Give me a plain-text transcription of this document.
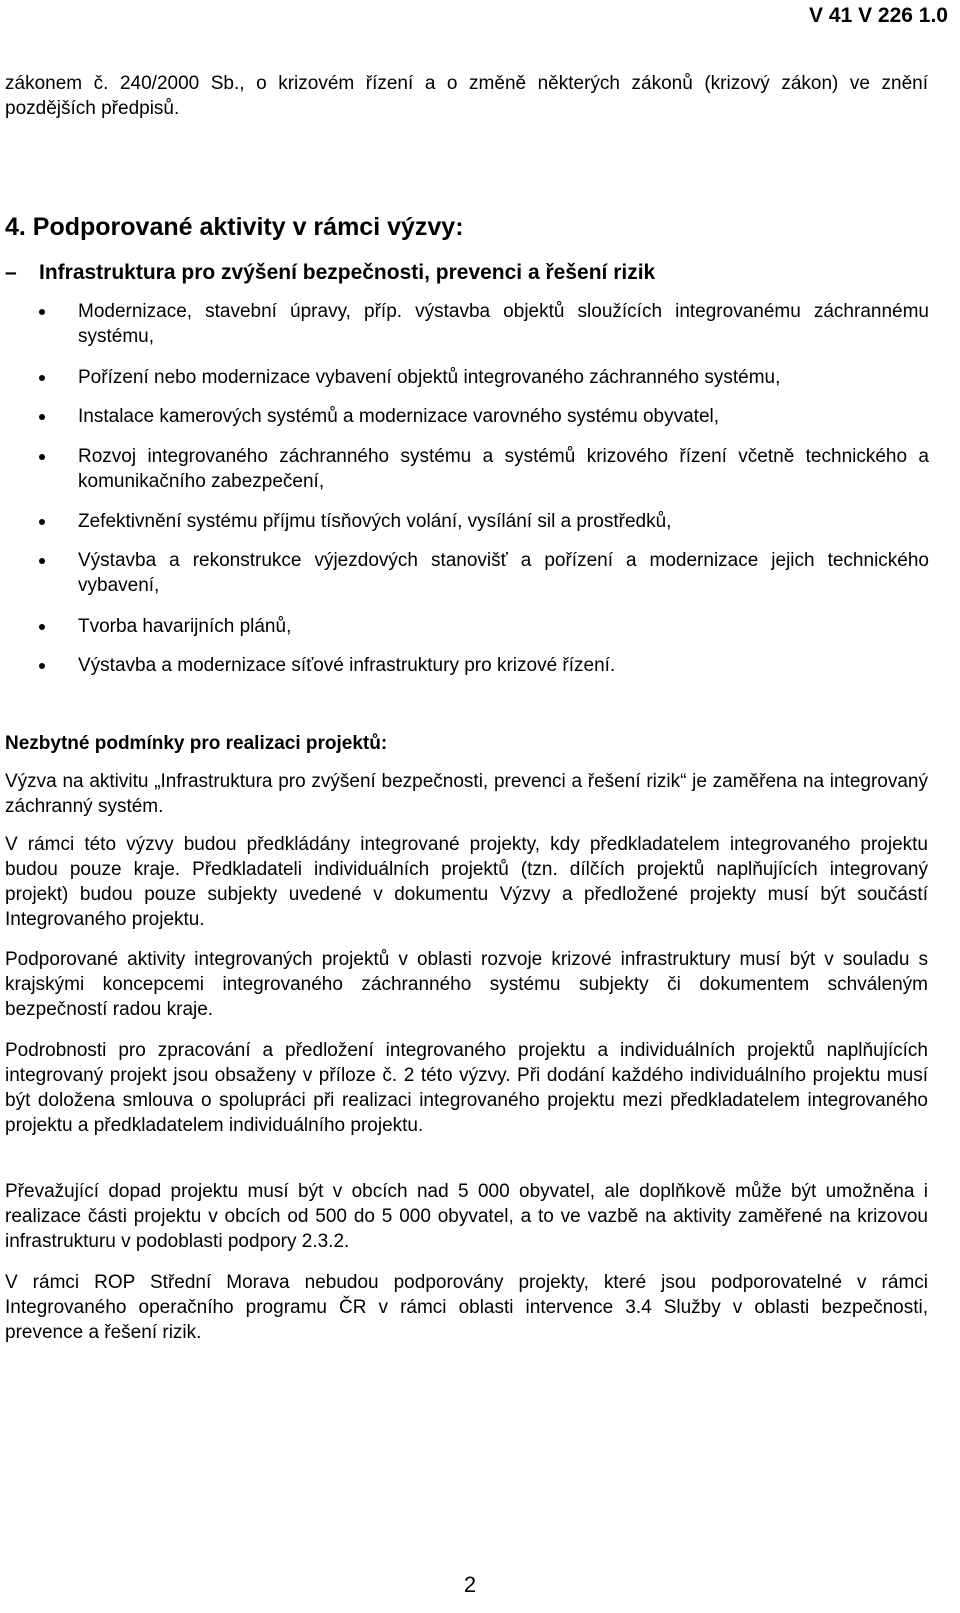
V 41 V 226 1.0

zákonem č. 240/2000 Sb., o krizovém řízení a o změně některých zákonů (krizový zákon) ve znění pozdějších předpisů.

4. Podporované aktivity v rámci výzvy:
– Infrastruktura pro zvýšení bezpečnosti, prevenci a řešení rizik
Modernizace, stavební úpravy, příp. výstavba objektů sloužících integrovanému záchrannému systému,
Pořízení nebo modernizace vybavení objektů integrovaného záchranného systému,
Instalace kamerových systémů a modernizace varovného systému obyvatel,
Rozvoj integrovaného záchranného systému a systémů krizového řízení včetně technického a komunikačního zabezpečení,
Zefektivnění systému příjmu tísňových volání, vysílání sil a prostředků,
Výstavba a rekonstrukce výjezdových stanovišť a pořízení a modernizace jejich technického vybavení,
Tvorba havarijních plánů,
Výstavba a modernizace síťové infrastruktury pro krizové řízení.
Nezbytné podmínky pro realizaci projektů:

Výzva na aktivitu „Infrastruktura pro zvýšení bezpečnosti, prevenci a řešení rizik“ je zaměřena na integrovaný záchranný systém.

V rámci této výzvy budou předkládány integrované projekty, kdy předkladatelem integrovaného projektu budou pouze kraje. Předkladateli individuálních projektů (tzn. dílčích projektů naplňujících integrovaný projekt) budou pouze subjekty uvedené v dokumentu Výzvy a předložené projekty musí být součástí Integrovaného projektu.

Podporované aktivity integrovaných projektů v oblasti rozvoje krizové infrastruktury musí být v souladu s krajskými koncepcemi integrovaného záchranného systému subjekty či dokumentem schváleným bezpečností radou kraje.

Podrobnosti pro zpracování a předložení integrovaného projektu a individuálních projektů naplňujících integrovaný projekt jsou obsaženy v příloze č. 2 této výzvy. Při dodání každého individuálního projektu musí být doložena smlouva o spolupráci při realizaci integrovaného projektu mezi předkladatelem integrovaného projektu a předkladatelem individuálního projektu.

Převažující dopad projektu musí být v obcích nad 5 000 obyvatel, ale doplňkově může být umožněna i realizace části projektu v obcích od 500 do 5 000 obyvatel, a to ve vazbě na aktivity zaměřené na krizovou infrastrukturu v podoblasti podpory 2.3.2.

V rámci ROP Střední Morava nebudou podporovány projekty, které jsou podporovatelné v rámci Integrovaného operačního programu ČR v rámci oblasti intervence 3.4 Služby v oblasti bezpečnosti, prevence a řešení rizik.

2
